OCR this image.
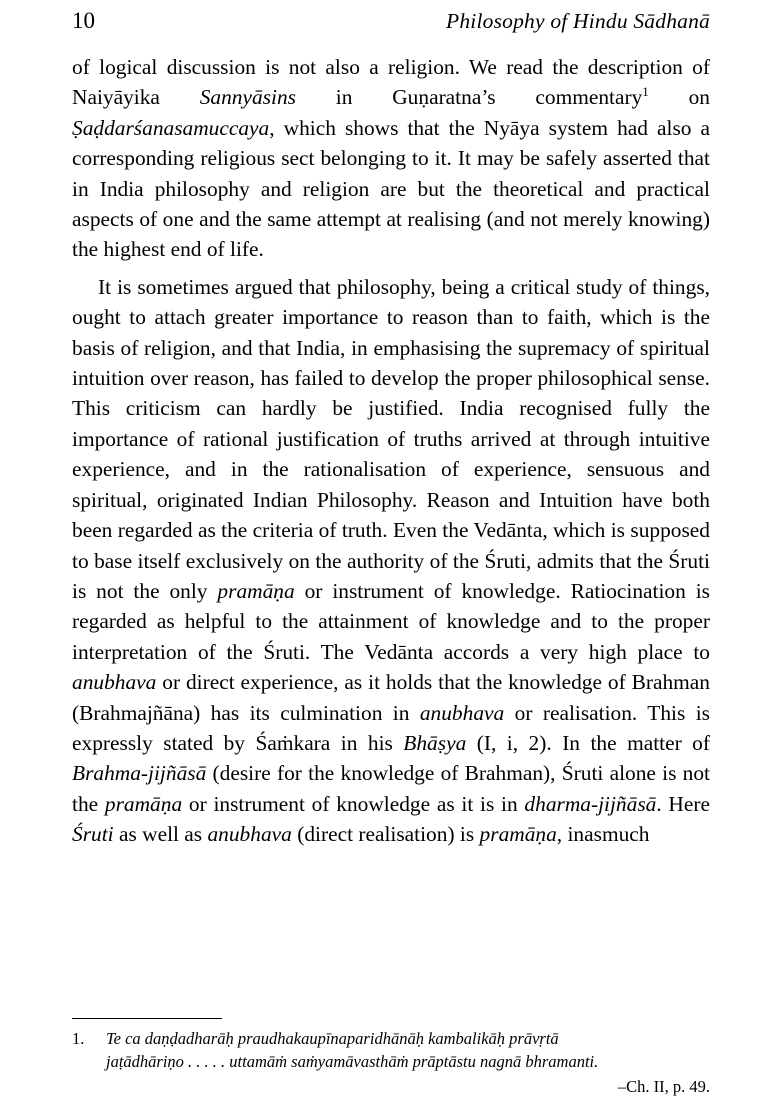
10	Philosophy of Hindu Sādhanā

of logical discussion is not also a religion. We read the description of Naiyāyika Sannyāsins in Guṇaratna’s commentary$^1$ on Ṣaḍdarśanasamuccaya, which shows that the Nyāya system had also a corresponding religious sect belonging to it. It may be safely asserted that in India philosophy and religion are but the theoretical and practical aspects of one and the same attempt at realising (and not merely knowing) the highest end of life.

It is sometimes argued that philosophy, being a critical study of things, ought to attach greater importance to reason than to faith, which is the basis of religion, and that India, in emphasising the supremacy of spiritual intuition over reason, has failed to develop the proper philosophical sense. This criticism can hardly be justified. India recognised fully the importance of rational justification of truths arrived at through intuitive experience, and in the rationalisation of experience, sensuous and spiritual, originated Indian Philosophy. Reason and Intuition have both been regarded as the criteria of truth. Even the Vedānta, which is supposed to base itself exclusively on the authority of the Śruti, admits that the Śruti is not the only pramāṇa or instrument of knowledge. Ratiocination is regarded as helpful to the attainment of knowledge and to the proper interpretation of the Śruti. The Vedānta accords a very high place to anubhava or direct experience, as it holds that the knowledge of Brahman (Brahmajñāna) has its culmination in anubhava or realisation. This is expressly stated by Śaṁkara in his Bhāṣya (I, i, 2). In the matter of Brahma-jijñāsā (desire for the knowledge of Brahman), Śruti alone is not the pramāṇa or instrument of knowledge as it is in dharma-jijñāsā. Here Śruti as well as anubhava (direct realisation) is pramāṇa, inasmuch

1.	Te ca daṇḍadharāḥ praudhakaupīnaparidhānāḥ kambalikāḥ prāvṛtā
jaṭādhāriṇo . . . . . uttamāṁ saṁyamāvasthāṁ prāptāstu nagnā bhramanti.
–Ch. II, p. 49.
